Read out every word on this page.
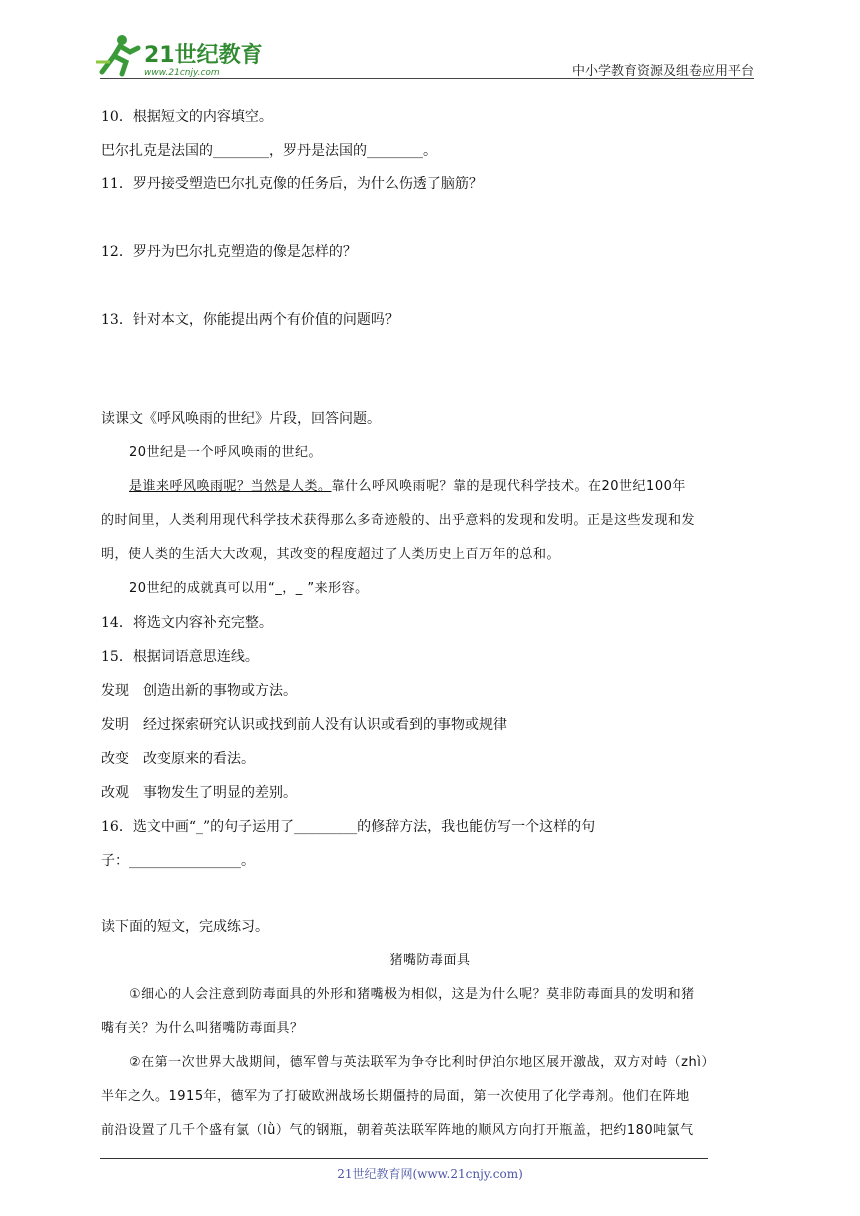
21世纪教育
www.21cnjy.com	中小学教育资源及组卷应用平台
10．根据短文的内容填空。
巴尔扎克是法国的________，罗丹是法国的________。
11．罗丹接受塑造巴尔扎克像的任务后，为什么伤透了脑筋？
12．罗丹为巴尔扎克塑造的像是怎样的？
13．针对本文，你能提出两个有价值的问题吗？
读课文《呼风唤雨的世纪》片段，回答问题。
20世纪是一个呼风唤雨的世纪。
是谁来呼风唤雨呢？当然是人类。靠什么呼风唤雨呢？靠的是现代科学技术。在20世纪100年
的时间里，人类利用现代科学技术获得那么多奇迹般的、出乎意料的发现和发明。正是这些发现和发
明，使人类的生活大大改观，其改变的程度超过了人类历史上百万年的总和。
20世纪的成就真可以用“_，_ ”来形容。
14．将选文内容补充完整。
15．根据词语意思连线。
发现　 创造出新的事物或方法。
发明　 经过探索研究认识或找到前人没有认识或看到的事物或规律
改变　 改变原来的看法。
改观　 事物发生了明显的差别。
16．选文中画“_”的句子运用了_________的修辞方法，我也能仿写一个这样的句
子：________________。
读下面的短文，完成练习。
猪嘴防毒面具
①细心的人会注意到防毒面具的外形和猪嘴极为相似，这是为什么呢？莫非防毒面具的发明和猪
嘴有关？为什么叫猪嘴防毒面具？
②在第一次世界大战期间，德军曾与英法联军为争夺比利时伊泊尔地区展开激战，双方对峙（zhì）
半年之久。1915年，德军为了打破欧洲战场长期僵持的局面，第一次使用了化学毒剂。他们在阵地
前沿设置了几千个盛有氯（lǜ）气的钢瓶，朝着英法联军阵地的顺风方向打开瓶盖，把约180吨氯气
21世纪教育网(www.21cnjy.com)
